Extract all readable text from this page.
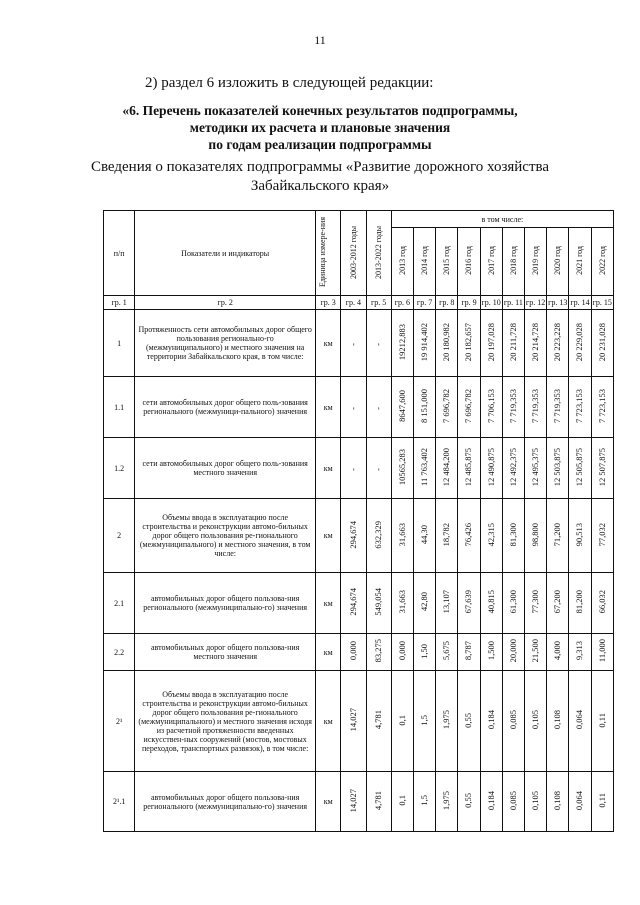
11
2) раздел 6 изложить в следующей редакции:
«6. Перечень показателей конечных результатов подпрограммы,
методики их расчета и плановые значения
по годам реализации подпрограммы
Сведения о показателях подпрограммы «Развитие дорожного хозяйства
Забайкальского края»
п/п	Показатели и индикаторы	Единица измере-ния	2003-2012 годы	2013-2022 годы	в том числе:									
					2013 год	2014 год	2015 год	2016 год	2017 год	2018 год	2019 год	2020 год	2021 год	2022 год
гр. 1	гр. 2	гр. 3	гр. 4	гр. 5	гр. 6	гр. 7	гр. 8	гр. 9	гр. 10	гр. 11	гр. 12	гр. 13	гр. 14	гр. 15
1	Протяженность сети автомобильных дорог общего пользования регионально-го (межмуниципального) и местного значения на территории Забайкальского края, в том числе:	км	-	-	19212,883	19 914,402	20 180,982	20 182,657	20 197,028	20 211,728	20 214,728	20 223,228	20 229,028	20 231,028
1.1	сети автомобильных дорог общего поль-зования регионального (межмуници-пального) значения	км	-	-	8647,600	8 151,000	7 696,782	7 696,782	7 706,153	7 719,353	7 719,353	7 719,353	7 723,153	7 723,153
1.2	сети автомобильных дорог общего поль-зования местного значения	км	-	-	10565,283	11 763,402	12 484,200	12 485,875	12 490,875	12 492,375	12 495,375	12 503,875	12 505,875	12 507,875
2	Объемы ввода в эксплуатацию после строительства и реконструкции автомо-бильных дорог общего пользования ре-гионального (межмуниципального) и местного значения, в том числе:	км	294,674	632,329	31,663	44,30	18,782	76,426	42,315	81,300	98,800	71,200	90,513	77,032
2.1	автомобильных дорог общего пользова-ния регионального (межмуниципально-го) значения	км	294,674	549,054	31,663	42,80	13,107	67,639	40,815	61,300	77,300	67,200	81,200	66,032
2.2	автомобильных дорог общего пользова-ния местного значения	км	0,000	83,275	0,000	1,50	5,675	8,787	1,500	20,000	21,500	4,000	9,313	11,000
2¹	Объемы ввода в эксплуатацию после строительства и реконструкции автомо-бильных дорог общего пользования ре-гионального (межмуниципального) и местного значения исходя из расчетной протяженности введенных искусствен-ных сооружений (мостов, мостовых переходов, транспортных развязок), в том числе:	км	14,027	4,781	0,1	1,5	1,975	0,55	0,184	0,085	0,105	0,108	0,064	0,11
2¹.1	автомобильных дорог общего пользова-ния регионального (межмуниципально-го) значения	км	14,027	4,781	0,1	1,5	1,975	0,55	0,184	0,085	0,105	0,108	0,064	0,11
